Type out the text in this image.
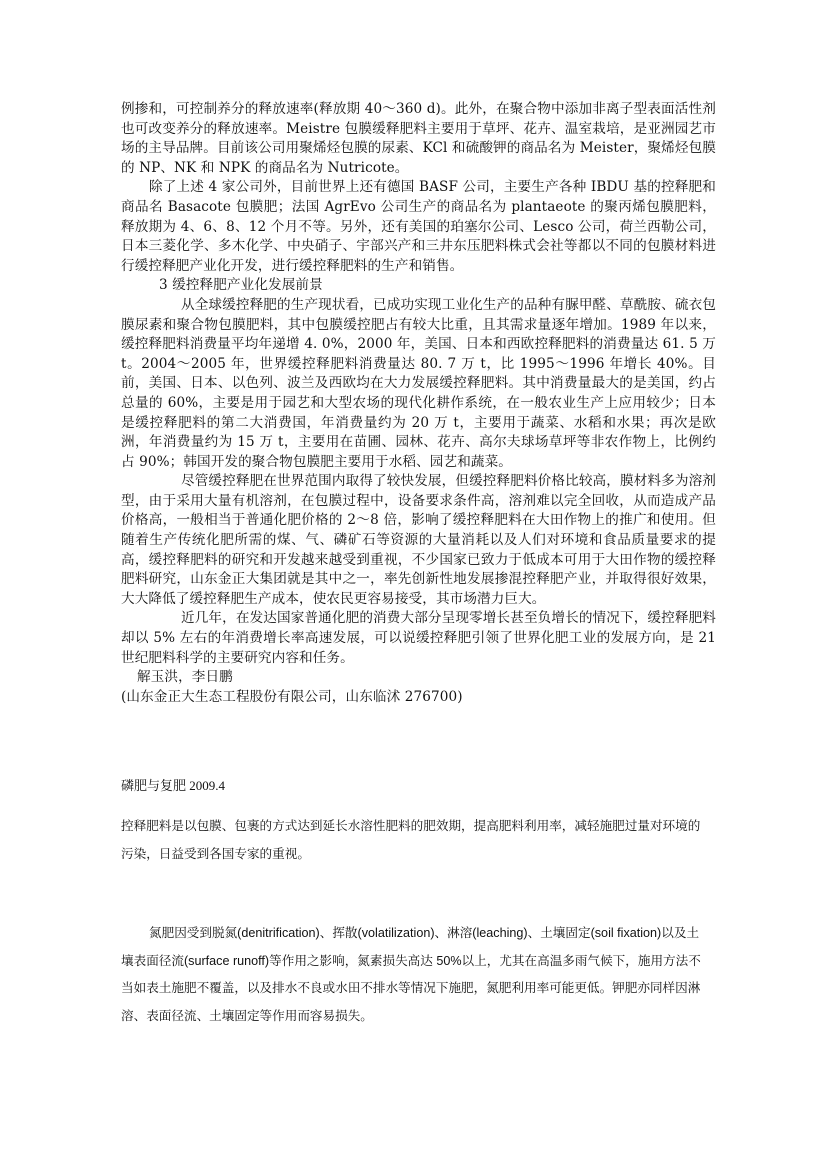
例掺和，可控制养分的释放速率(释放期 40～360 d)。此外，在聚合物中添加非离子型表面活性剂也可改变养分的释放速率。Meistre 包膜缓释肥料主要用于草坪、花卉、温室栽培，是亚洲园艺市场的主导品牌。目前该公司用聚烯烃包膜的尿素、KCl 和硫酸钾的商品名为 Meister，聚烯烃包膜的 NP、NK 和 NPK 的商品名为 Nutricote。

除了上述 4 家公司外，目前世界上还有德国 BASF 公司，主要生产各种 IBDU 基的控释肥和商品名 Basacote 包膜肥；法国 AgrEvo 公司生产的商品名为 plantaeote 的聚丙烯包膜肥料，释放期为 4、6、8、12 个月不等。另外，还有美国的珀塞尔公司、Lesco 公司，荷兰西勒公司，日本三菱化学、多木化学、中央硝子、宇部兴产和三井东压肥料株式会社等都以不同的包膜材料进行缓控释肥产业化开发，进行缓控释肥料的生产和销售。

3 缓控释肥产业化发展前景

从全球缓控释肥的生产现状看，已成功实现工业化生产的品种有脲甲醛、草酰胺、硫衣包膜尿素和聚合物包膜肥料，其中包膜缓控肥占有较大比重，且其需求量逐年增加。1989 年以来，缓控释肥料消费量平均年递增 4. 0%，2000 年，美国、日本和西欧控释肥料的消费量达 61. 5 万 t。2004～2005 年，世界缓控释肥料消费量达 80. 7 万 t，比 1995～1996 年增长 40%。目前，美国、日本、以色列、波兰及西欧均在大力发展缓控释肥料。其中消费量最大的是美国，约占总量的 60%，主要是用于园艺和大型农场的现代化耕作系统，在一般农业生产上应用较少；日本是缓控释肥料的第二大消费国，年消费量约为 20 万 t，主要用于蔬菜、水稻和水果；再次是欧洲，年消费量约为 15 万 t，主要用在苗圃、园林、花卉、高尔夫球场草坪等非农作物上，比例约占 90%；韩国开发的聚合物包膜肥主要用于水稻、园艺和蔬菜。

尽管缓控释肥在世界范围内取得了较快发展，但缓控释肥料价格比较高，膜材料多为溶剂型，由于采用大量有机溶剂，在包膜过程中，设备要求条件高，溶剂难以完全回收，从而造成产品价格高，一般相当于普通化肥价格的 2～8 倍，影响了缓控释肥料在大田作物上的推广和使用。但随着生产传统化肥所需的煤、气、磷矿石等资源的大量消耗以及人们对环境和食品质量要求的提高，缓控释肥料的研究和开发越来越受到重视，不少国家已致力于低成本可用于大田作物的缓控释肥料研究，山东金正大集团就是其中之一，率先创新性地发展掺混控释肥产业，并取得很好效果，大大降低了缓控释肥生产成本，使农民更容易接受，其市场潜力巨大。

近几年，在发达国家普通化肥的消费大部分呈现零增长甚至负增长的情况下，缓控释肥料却以 5% 左右的年消费增长率高速发展，可以说缓控释肥引领了世界化肥工业的发展方向，是 21 世纪肥料科学的主要研究内容和任务。

解玉洪，李日鹏

(山东金正大生态工程股份有限公司，山东临沭 276700)

磷肥与复肥 2009.4

控释肥料是以包膜、包裹的方式达到延长水溶性肥料的肥效期，提高肥料利用率，减轻施肥过量对环境的污染，日益受到各国专家的重视。

氮肥因受到脱氮(denitrification)、挥散(volatilization)、淋溶(leaching)、土壤固定(soil fixation)以及土壤表面径流(surface runoff)等作用之影响，氮素损失高达 50%以上，尤其在高温多雨气候下，施用方法不当如表土施肥不覆盖，以及排水不良或水田不排水等情况下施肥，氮肥利用率可能更低。钾肥亦同样因淋溶、表面径流、土壤固定等作用而容易损失。
